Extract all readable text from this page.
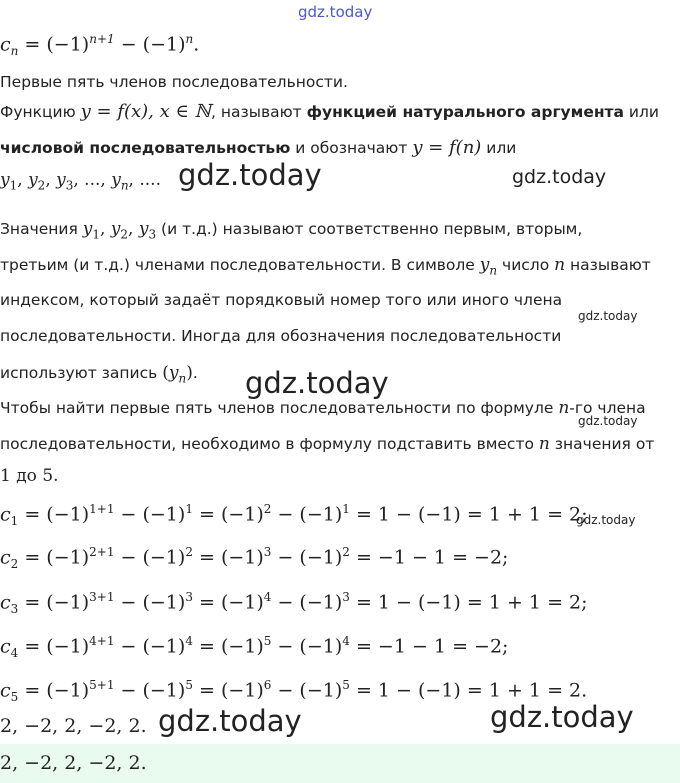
gdz.today
$c_n = (-1)^{n+1} - (-1)^n$.
Первые пять членов последовательности.
Функцию y = f(x), x ∈ ℕ, называют функцией натурального аргумента или
числовой последовательностью и обозначают y = f(n) или
$y_1$, $y_2$, $y_3$, ..., $y_n$, .... gdz.today	gdz.today
Значения $y_1$, $y_2$, $y_3$ (и т.д.) называют соответственно первым, вторым,
третьим (и т.д.) членами последовательности. В символе $y_n$ число n называют
индексом, который задаёт порядковый номер того или иного члена
gdz.today
последовательности. Иногда для обозначения последовательности
используют запись $(y_n)$. gdz.today
Чтобы найти первые пять членов последовательности по формуле n-го члена
gdz.today
последовательности, необходимо в формулу подставить вместо n значения от
1 до 5.
$c_1 = (-1)^{1+1} - (-1)^1 = (-1)^2 - (-1)^1 = 1 - (-1) = 1 + 1 = 2$;
gdz.today
$c_2 = (-1)^{2+1} - (-1)^2 = (-1)^3 - (-1)^2 = -1 - 1 = -2$;
$c_3 = (-1)^{3+1} - (-1)^3 = (-1)^4 - (-1)^3 = 1 - (-1) = 1 + 1 = 2$;
$c_4 = (-1)^{4+1} - (-1)^4 = (-1)^5 - (-1)^4 = -1 - 1 = -2$;
$c_5 = (-1)^{5+1} - (-1)^5 = (-1)^6 - (-1)^5 = 1 - (-1) = 1 + 1 = 2$.
2, −2, 2, −2, 2. gdz.today	gdz.today
2, −2, 2, −2, 2.
